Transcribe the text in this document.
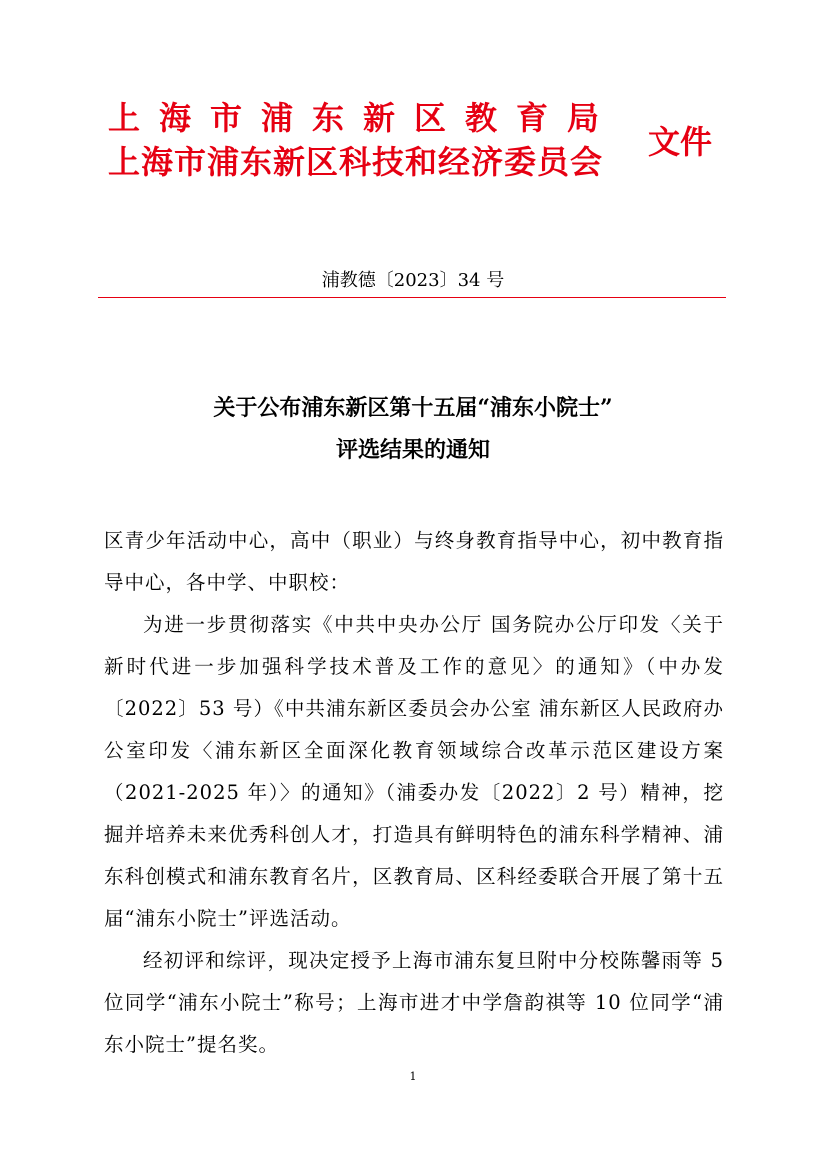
上海市浦东新区教育局
上海市浦东新区科技和经济委员会
文件
浦教德〔2023〕34 号
关于公布浦东新区第十五届“浦东小院士”
评选结果的通知

区青少年活动中心，高中（职业）与终身教育指导中心，初中教育指导中心，各中学、中职校：

为进一步贯彻落实《中共中央办公厅 国务院办公厅印发〈关于新时代进一步加强科学技术普及工作的意见〉的通知》（中办发〔2022〕53 号）《中共浦东新区委员会办公室 浦东新区人民政府办公室印发〈浦东新区全面深化教育领域综合改革示范区建设方案（2021-2025 年）〉的通知》（浦委办发〔2022〕2 号）精神，挖掘并培养未来优秀科创人才，打造具有鲜明特色的浦东科学精神、浦东科创模式和浦东教育名片，区教育局、区科经委联合开展了第十五届“浦东小院士”评选活动。

经初评和综评，现决定授予上海市浦东复旦附中分校陈馨雨等 5 位同学“浦东小院士”称号；上海市进才中学詹韵祺等 10 位同学“浦东小院士”提名奖。

1
